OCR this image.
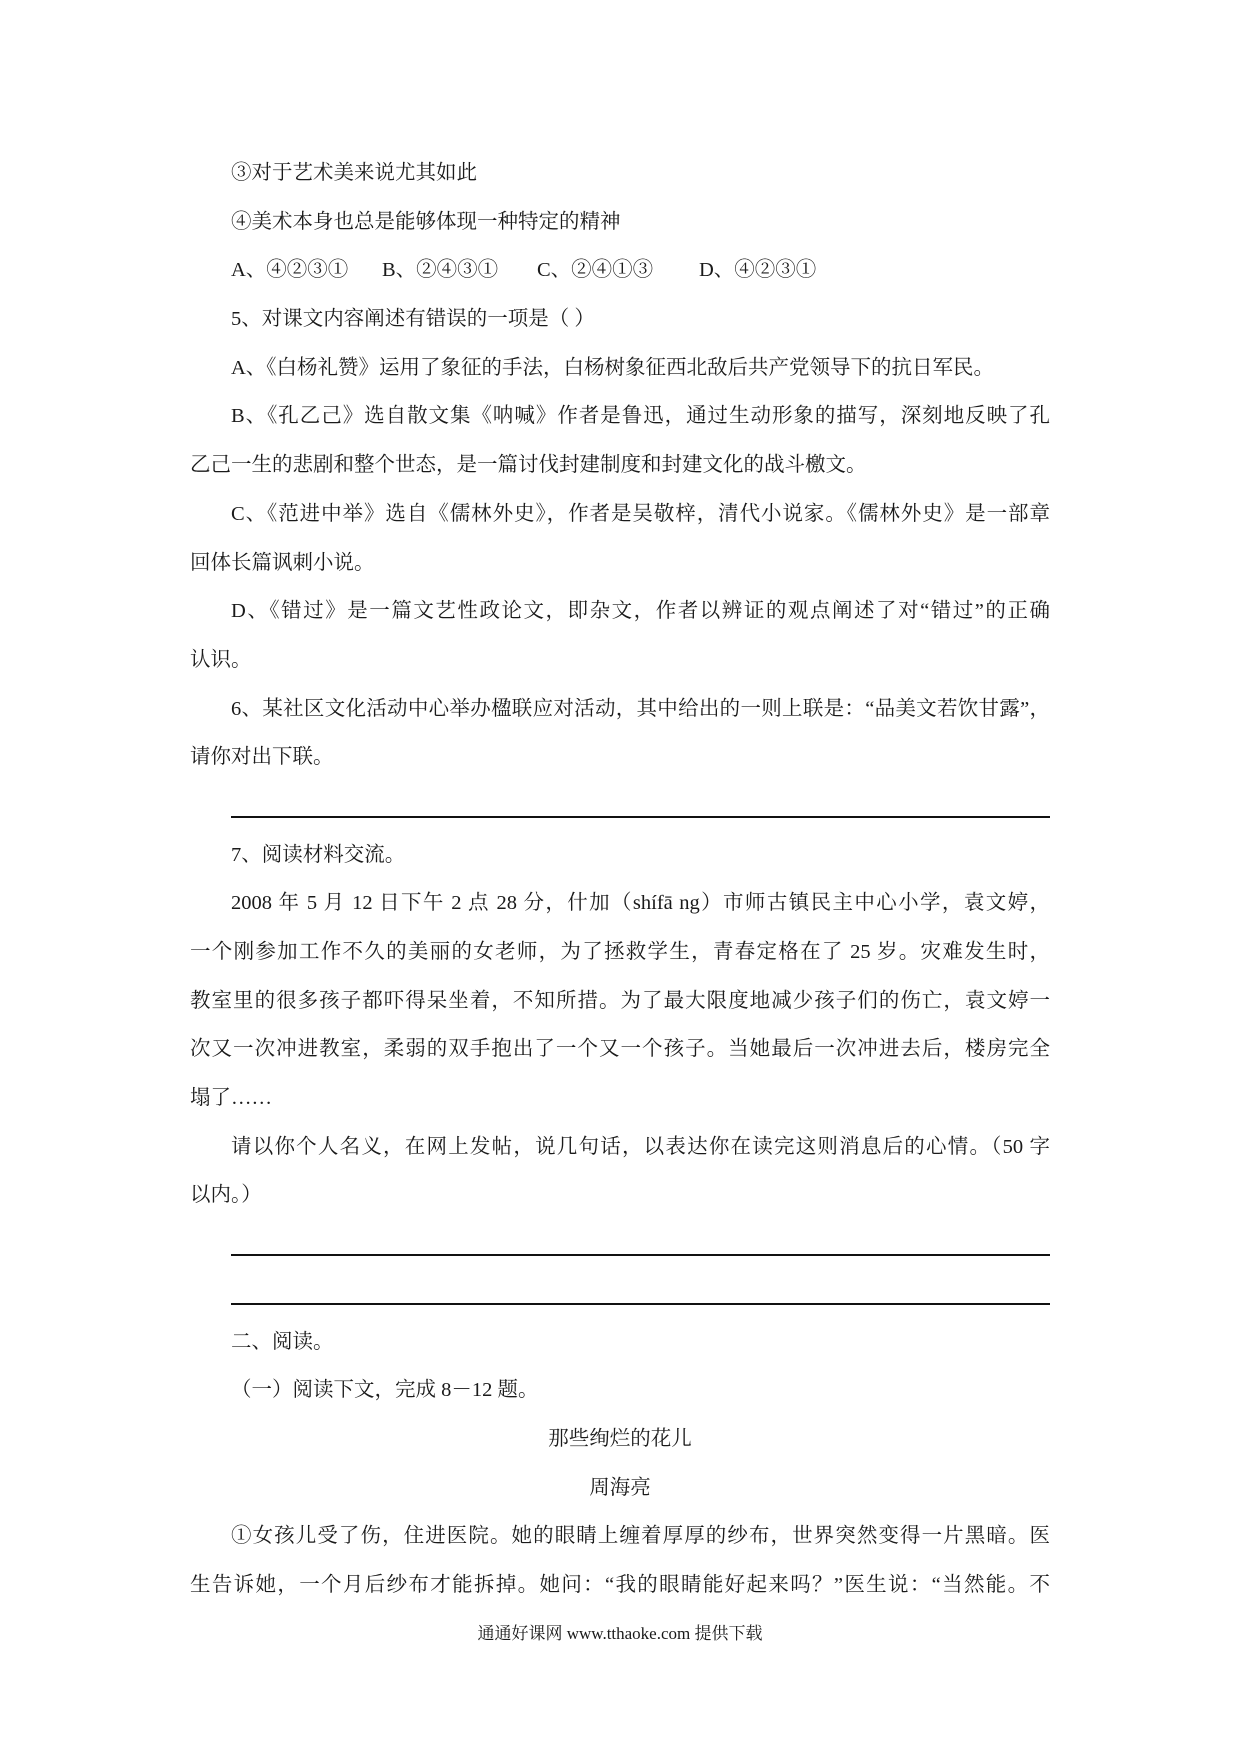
③对于艺术美来说尤其如此
④美术本身也总是能够体现一种特定的精神
A、④②③① B、②④③① C、②④①③ D、④②③①
5、对课文内容阐述有错误的一项是（ ）
A、《白杨礼赞》运用了象征的手法，白杨树象征西北敌后共产党领导下的抗日军民。
B、《孔乙己》选自散文集《呐喊》作者是鲁迅，通过生动形象的描写，深刻地反映了孔
乙己一生的悲剧和整个世态，是一篇讨伐封建制度和封建文化的战斗檄文。
C、《范进中举》选自《儒林外史》，作者是吴敬梓，清代小说家。《儒林外史》是一部章
回体长篇讽刺小说。
D、《错过》是一篇文艺性政论文，即杂文，作者以辨证的观点阐述了对“错过”的正确
认识。
6、某社区文化活动中心举办楹联应对活动，其中给出的一则上联是：“品美文若饮甘露”，
请你对出下联。
7、阅读材料交流。
2008 年 5 月 12 日下午 2 点 28 分，什加（shífā ng）市师古镇民主中心小学，袁文婷，
一个刚参加工作不久的美丽的女老师，为了拯救学生，青春定格在了 25 岁。灾难发生时，
教室里的很多孩子都吓得呆坐着，不知所措。为了最大限度地减少孩子们的伤亡，袁文婷一
次又一次冲进教室，柔弱的双手抱出了一个又一个孩子。当她最后一次冲进去后，楼房完全
塌了……
请以你个人名义，在网上发帖，说几句话，以表达你在读完这则消息后的心情。（50 字
以内。）
二、阅读。
（一）阅读下文，完成 8－12 题。
那些绚烂的花儿
周海亮
①女孩儿受了伤，住进医院。她的眼睛上缠着厚厚的纱布，世界突然变得一片黑暗。医
生告诉她，一个月后纱布才能拆掉。她问：“我的眼睛能好起来吗？”医生说：“当然能。不
通通好课网 www.tthaoke.com 提供下载
